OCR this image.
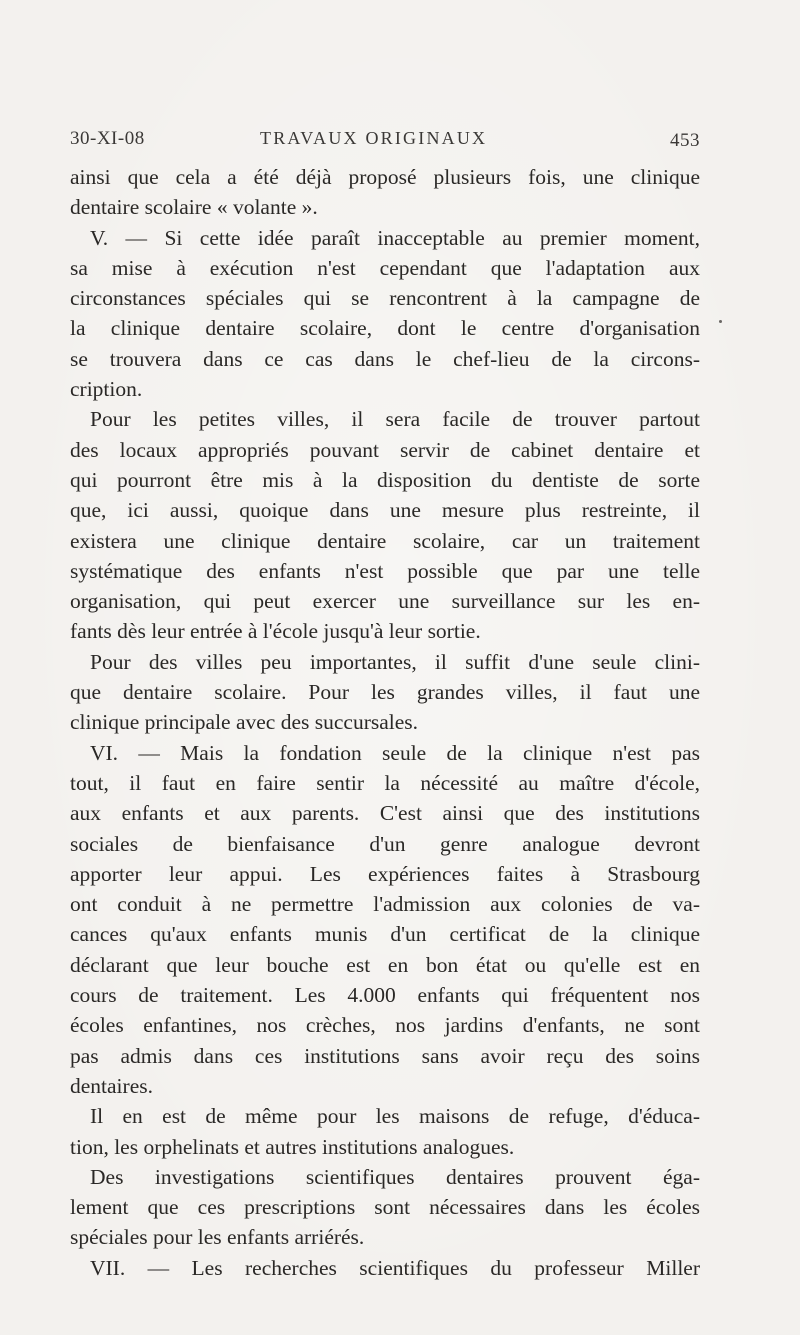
30-XI-08	TRAVAUX ORIGINAUX	453
ainsi que cela a été déjà proposé plusieurs fois, une clinique
dentaire scolaire « volante ».
V. — Si cette idée paraît inacceptable au premier moment,
sa mise à exécution n'est cependant que l'adaptation aux
circonstances spéciales qui se rencontrent à la campagne de
la clinique dentaire scolaire, dont le centre d'organisation
se trouvera dans ce cas dans le chef-lieu de la circons-
cription.
Pour les petites villes, il sera facile de trouver partout
des locaux appropriés pouvant servir de cabinet dentaire et
qui pourront être mis à la disposition du dentiste de sorte
que, ici aussi, quoique dans une mesure plus restreinte, il
existera une clinique dentaire scolaire, car un traitement
systématique des enfants n'est possible que par une telle
organisation, qui peut exercer une surveillance sur les en-
fants dès leur entrée à l'école jusqu'à leur sortie.
Pour des villes peu importantes, il suffit d'une seule clini-
que dentaire scolaire. Pour les grandes villes, il faut une
clinique principale avec des succursales.
VI. — Mais la fondation seule de la clinique n'est pas
tout, il faut en faire sentir la nécessité au maître d'école,
aux enfants et aux parents. C'est ainsi que des institutions
sociales de bienfaisance d'un genre analogue devront
apporter leur appui. Les expériences faites à Strasbourg
ont conduit à ne permettre l'admission aux colonies de va-
cances qu'aux enfants munis d'un certificat de la clinique
déclarant que leur bouche est en bon état ou qu'elle est en
cours de traitement. Les 4.000 enfants qui fréquentent nos
écoles enfantines, nos crèches, nos jardins d'enfants, ne sont
pas admis dans ces institutions sans avoir reçu des soins
dentaires.
Il en est de même pour les maisons de refuge, d'éduca-
tion, les orphelinats et autres institutions analogues.
Des investigations scientifiques dentaires prouvent éga-
lement que ces prescriptions sont nécessaires dans les écoles
spéciales pour les enfants arriérés.
VII. — Les recherches scientifiques du professeur Miller
